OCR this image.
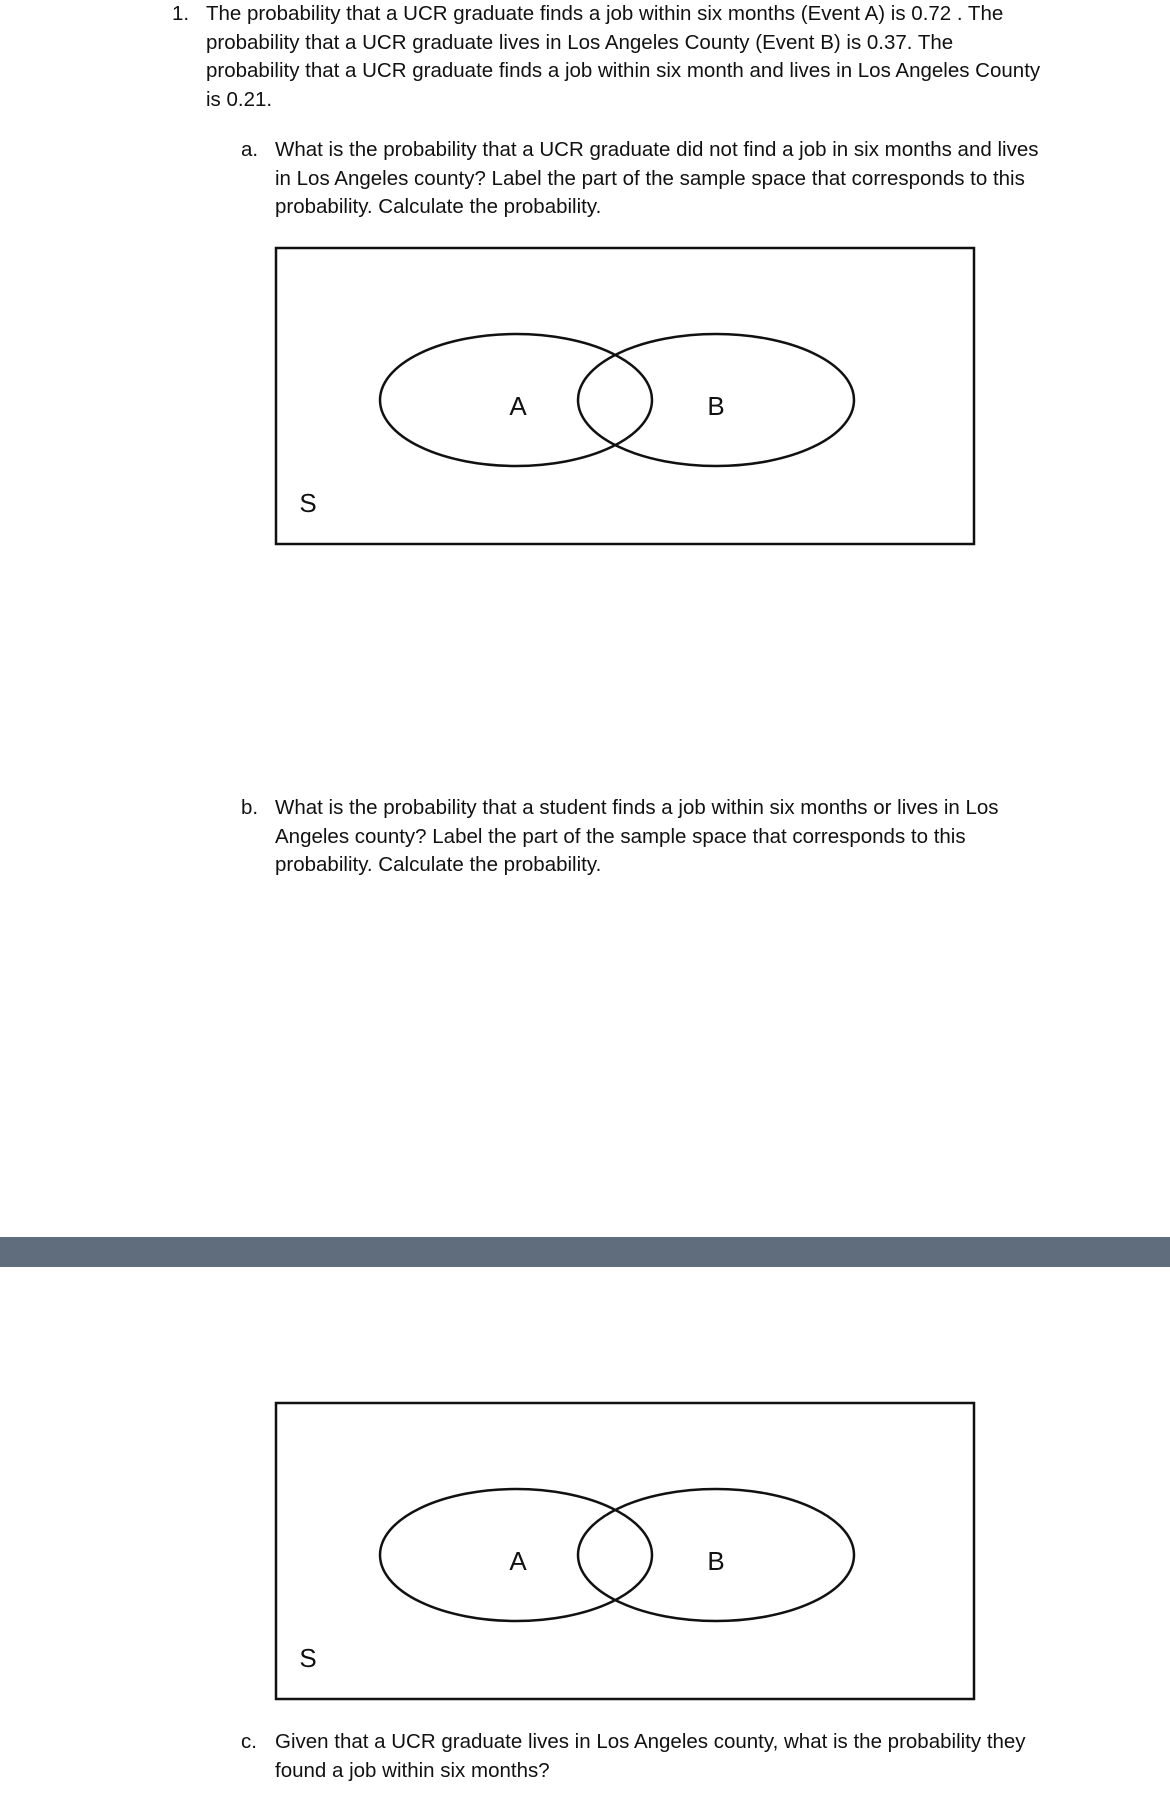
1. The probability that a UCR graduate finds a job within six months (Event A) is 0.72 . The probability that a UCR graduate lives in Los Angeles County (Event B) is 0.37. The probability that a UCR graduate finds a job within six month and lives in Los Angeles County is 0.21.

a. What is the probability that a UCR graduate did not find a job in six months and lives in Los Angeles county? Label the part of the sample space that corresponds to this probability. Calculate the probability.

A	B
S
b. What is the probability that a student finds a job within six months or lives in Los Angeles county? Label the part of the sample space that corresponds to this probability. Calculate the probability.

A	B
S
c. Given that a UCR graduate lives in Los Angeles county, what is the probability they found a job within six months?
